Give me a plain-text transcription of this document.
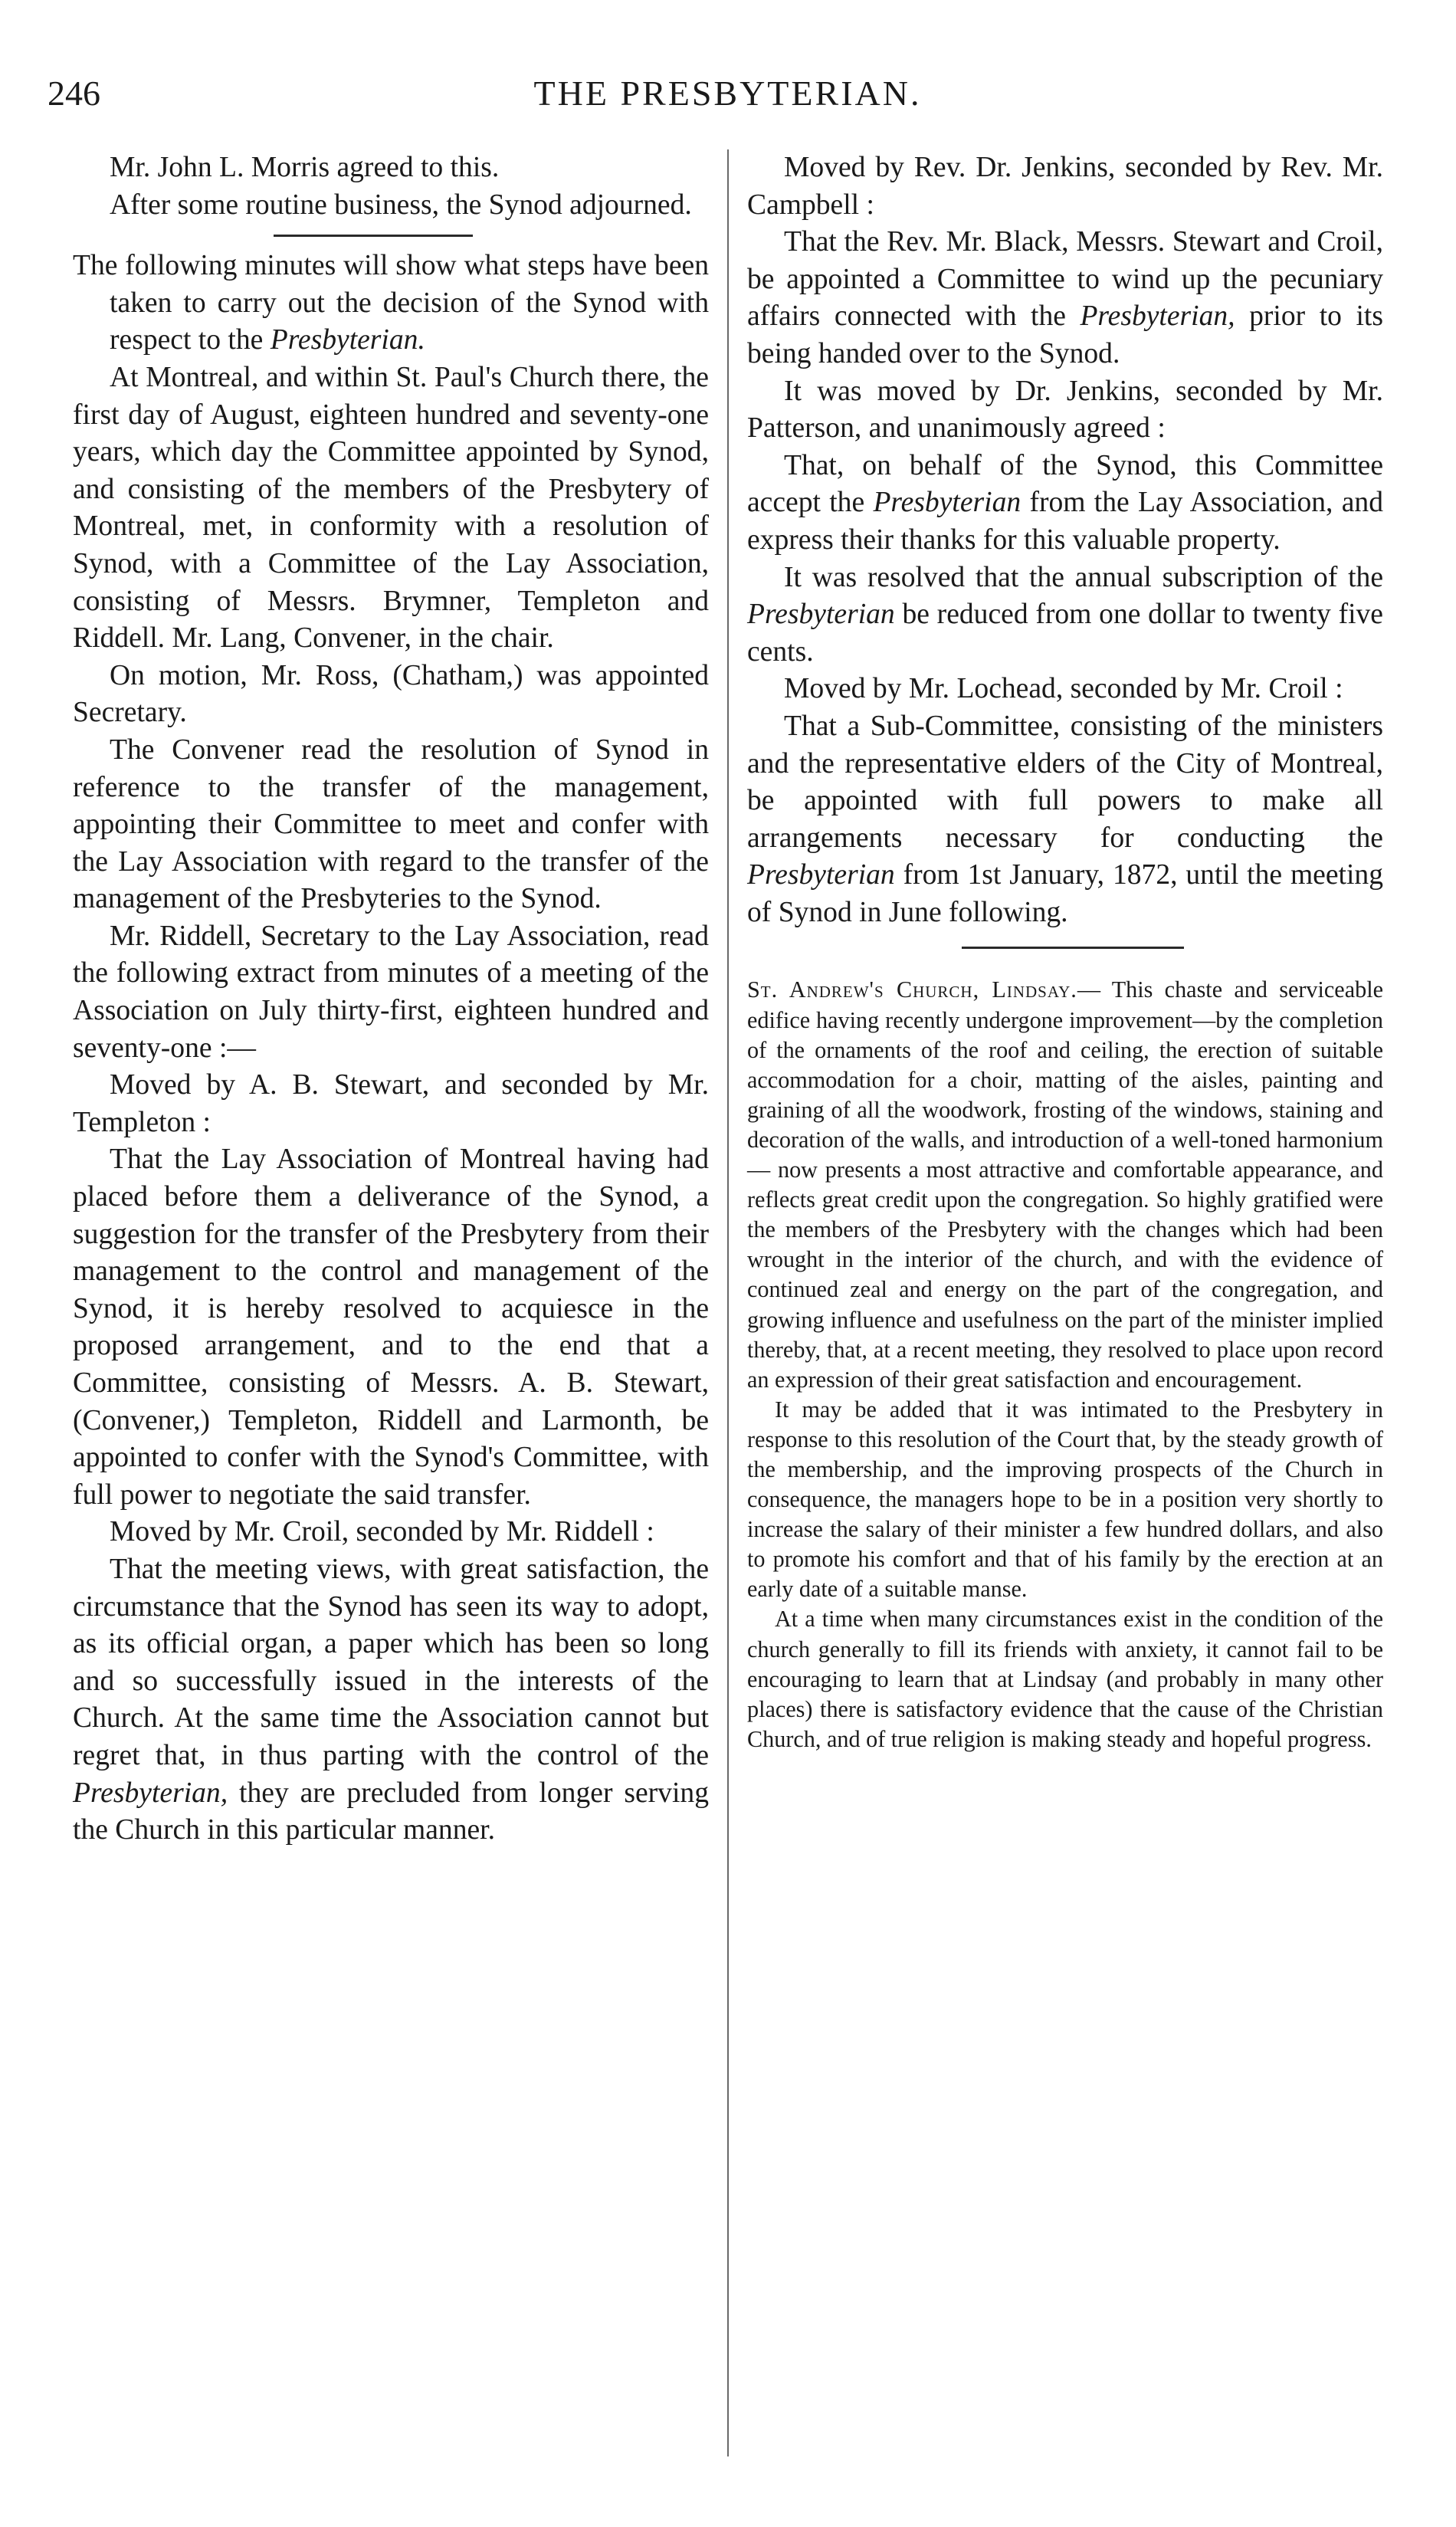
246	THE PRESBYTERIAN.

Mr. John L. Morris agreed to this.

After some routine business, the Synod adjourned.

The following minutes will show what steps have been taken to carry out the decision of the Synod with respect to the Presbyterian.

At Montreal, and within St. Paul's Church there, the first day of August, eighteen hundred and seventy-one years, which day the Committee appointed by Synod, and consisting of the members of the Presbytery of Montreal, met, in conformity with a resolution of Synod, with a Committee of the Lay Association, consisting of Messrs. Brymner, Templeton and Riddell. Mr. Lang, Convener, in the chair.

On motion, Mr. Ross, (Chatham,) was appointed Secretary.

The Convener read the resolution of Synod in reference to the transfer of the management, appointing their Committee to meet and confer with the Lay Association with regard to the transfer of the management of the Presbyteries to the Synod.

Mr. Riddell, Secretary to the Lay Association, read the following extract from minutes of a meeting of the Association on July thirty-first, eighteen hundred and seventy-one :—

Moved by A. B. Stewart, and seconded by Mr. Templeton :

That the Lay Association of Montreal having had placed before them a deliverance of the Synod, a suggestion for the transfer of the Presbytery from their management to the control and management of the Synod, it is hereby resolved to acquiesce in the proposed arrangement, and to the end that a Committee, consisting of Messrs. A. B. Stewart, (Convener,) Templeton, Riddell and Larmonth, be appointed to confer with the Synod's Committee, with full power to negotiate the said transfer.

Moved by Mr. Croil, seconded by Mr. Riddell :

That the meeting views, with great satisfaction, the circumstance that the Synod has seen its way to adopt, as its official organ, a paper which has been so long and so successfully issued in the interests of the Church. At the same time the Association cannot but regret that, in thus parting with the control of the Presbyterian, they are precluded from longer serving the Church in this particular manner.

Moved by Rev. Dr. Jenkins, seconded by Rev. Mr. Campbell :

That the Rev. Mr. Black, Messrs. Stewart and Croil, be appointed a Committee to wind up the pecuniary affairs connected with the Presbyterian, prior to its being handed over to the Synod.

It was moved by Dr. Jenkins, seconded by Mr. Patterson, and unanimously agreed :

That, on behalf of the Synod, this Committee accept the Presbyterian from the Lay Association, and express their thanks for this valuable property.

It was resolved that the annual subscription of the Presbyterian be reduced from one dollar to twenty five cents.

Moved by Mr. Lochead, seconded by Mr. Croil :

That a Sub-Committee, consisting of the ministers and the representative elders of the City of Montreal, be appointed with full powers to make all arrangements necessary for conducting the Presbyterian from 1st January, 1872, until the meeting of Synod in June following.

St. Andrew's Church, Lindsay.— This chaste and serviceable edifice having recently undergone improvement—by the completion of the ornaments of the roof and ceiling, the erection of suitable accommodation for a choir, matting of the aisles, painting and graining of all the woodwork, frosting of the windows, staining and decoration of the walls, and introduction of a well-toned harmonium — now presents a most attractive and comfortable appearance, and reflects great credit upon the congregation. So highly gratified were the members of the Presbytery with the changes which had been wrought in the interior of the church, and with the evidence of continued zeal and energy on the part of the congregation, and growing influence and usefulness on the part of the minister implied thereby, that, at a recent meeting, they resolved to place upon record an expression of their great satisfaction and encouragement.

It may be added that it was intimated to the Presbytery in response to this resolution of the Court that, by the steady growth of the membership, and the improving prospects of the Church in consequence, the managers hope to be in a position very shortly to increase the salary of their minister a few hundred dollars, and also to promote his comfort and that of his family by the erection at an early date of a suitable manse.

At a time when many circumstances exist in the condition of the church generally to fill its friends with anxiety, it cannot fail to be encouraging to learn that at Lindsay (and probably in many other places) there is satisfactory evidence that the cause of the Christian Church, and of true religion is making steady and hopeful progress.
